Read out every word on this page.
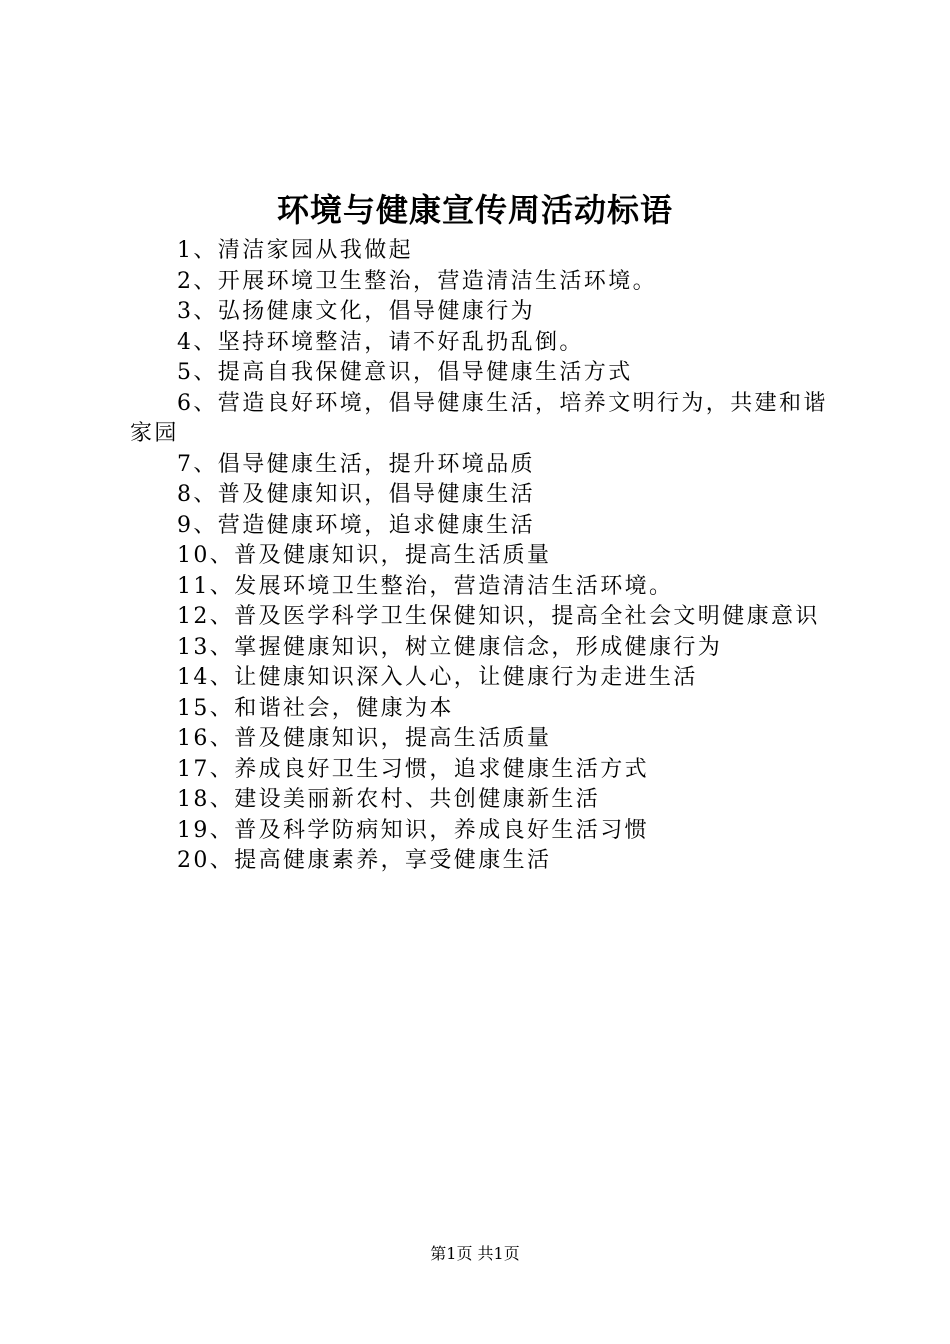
环境与健康宣传周活动标语

1、清洁家园从我做起

2、开展环境卫生整治，营造清洁生活环境。

3、弘扬健康文化，倡导健康行为

4、坚持环境整洁，请不好乱扔乱倒。

5、提高自我保健意识，倡导健康生活方式

6、营造良好环境，倡导健康生活，培养文明行为，共建和谐家园

7、倡导健康生活，提升环境品质

8、普及健康知识，倡导健康生活

9、营造健康环境，追求健康生活

10、普及健康知识，提高生活质量

11、发展环境卫生整治，营造清洁生活环境。

12、普及医学科学卫生保健知识，提高全社会文明健康意识

13、掌握健康知识，树立健康信念，形成健康行为

14、让健康知识深入人心，让健康行为走进生活

15、和谐社会，健康为本

16、普及健康知识，提高生活质量

17、养成良好卫生习惯，追求健康生活方式

18、建设美丽新农村、共创健康新生活

19、普及科学防病知识，养成良好生活习惯

20、提高健康素养，享受健康生活

第1页 共1页
